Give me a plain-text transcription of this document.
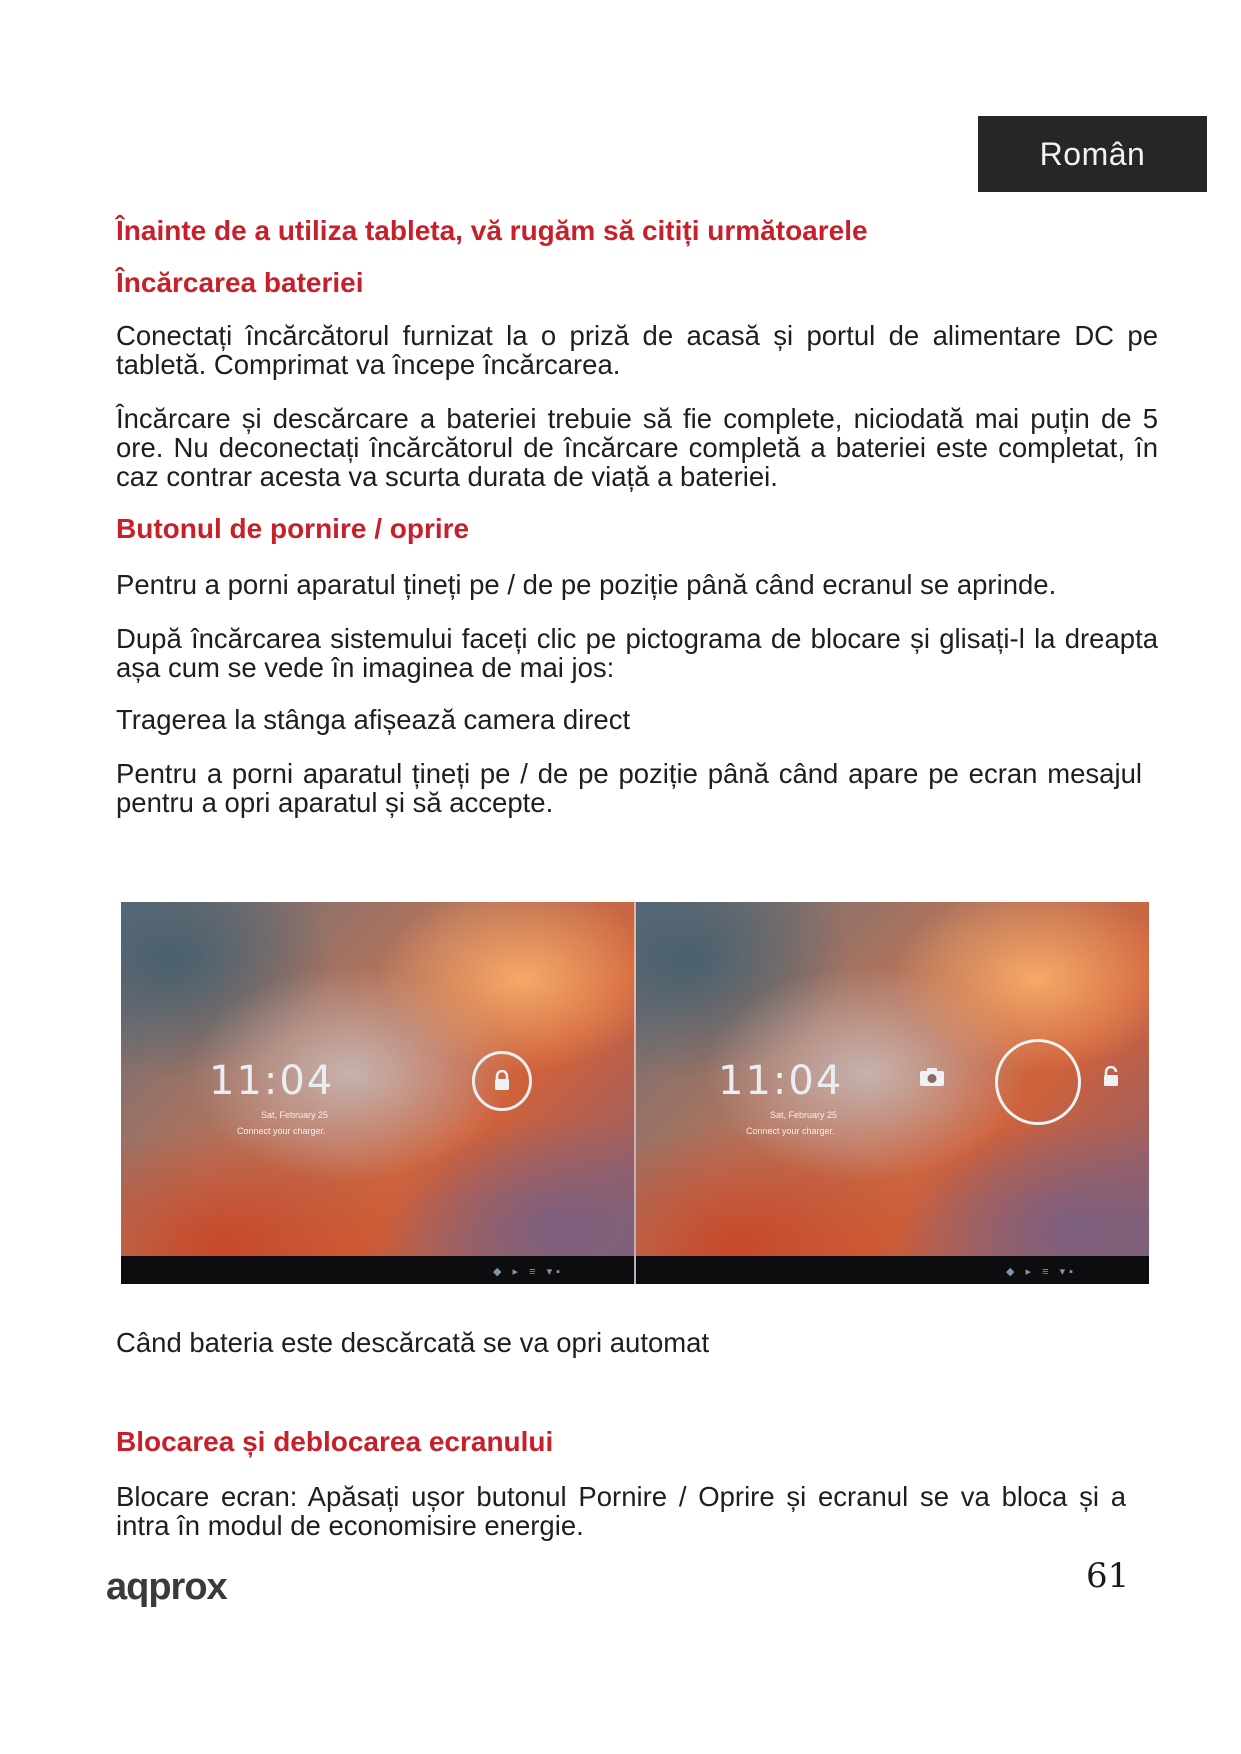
Român
Înainte de a utiliza tableta, vă rugăm să citiți următoarele
Încărcarea bateriei

Conectați încărcătorul furnizat la o priză de acasă și portul de alimentare DC pe tabletă. Comprimat va începe încărcarea.

Încărcare și descărcare a bateriei trebuie să fie complete, niciodată mai puțin de 5 ore. Nu deconectați încărcătorul de încărcare completă a bateriei este completat, în caz contrar acesta va scurta durata de viață a bateriei.

Butonul de pornire / oprire

Pentru a porni aparatul țineți pe / de pe poziție până când ecranul se aprinde.

După încărcarea sistemului faceți clic pe pictograma de blocare și glisați-l la dreapta așa cum se vede în imaginea de mai jos:

Tragerea la stânga afișează camera direct

Pentru a porni aparatul țineți pe / de pe poziție până când apare pe ecran mesajul pentru a opri aparatul și să accepte.

11:04
Sat, February 25
Connect your charger.
◆ ▸ ≡ ▾▪
11:04
Sat, February 25
Connect your charger.
◆ ▸ ≡ ▾▪

Când bateria este descărcată se va opri automat

Blocarea și deblocarea ecranului

Blocare ecran: Apăsați ușor butonul Pornire / Oprire și ecranul se va bloca și a intra în modul de economisire energie.

aqprox	61
